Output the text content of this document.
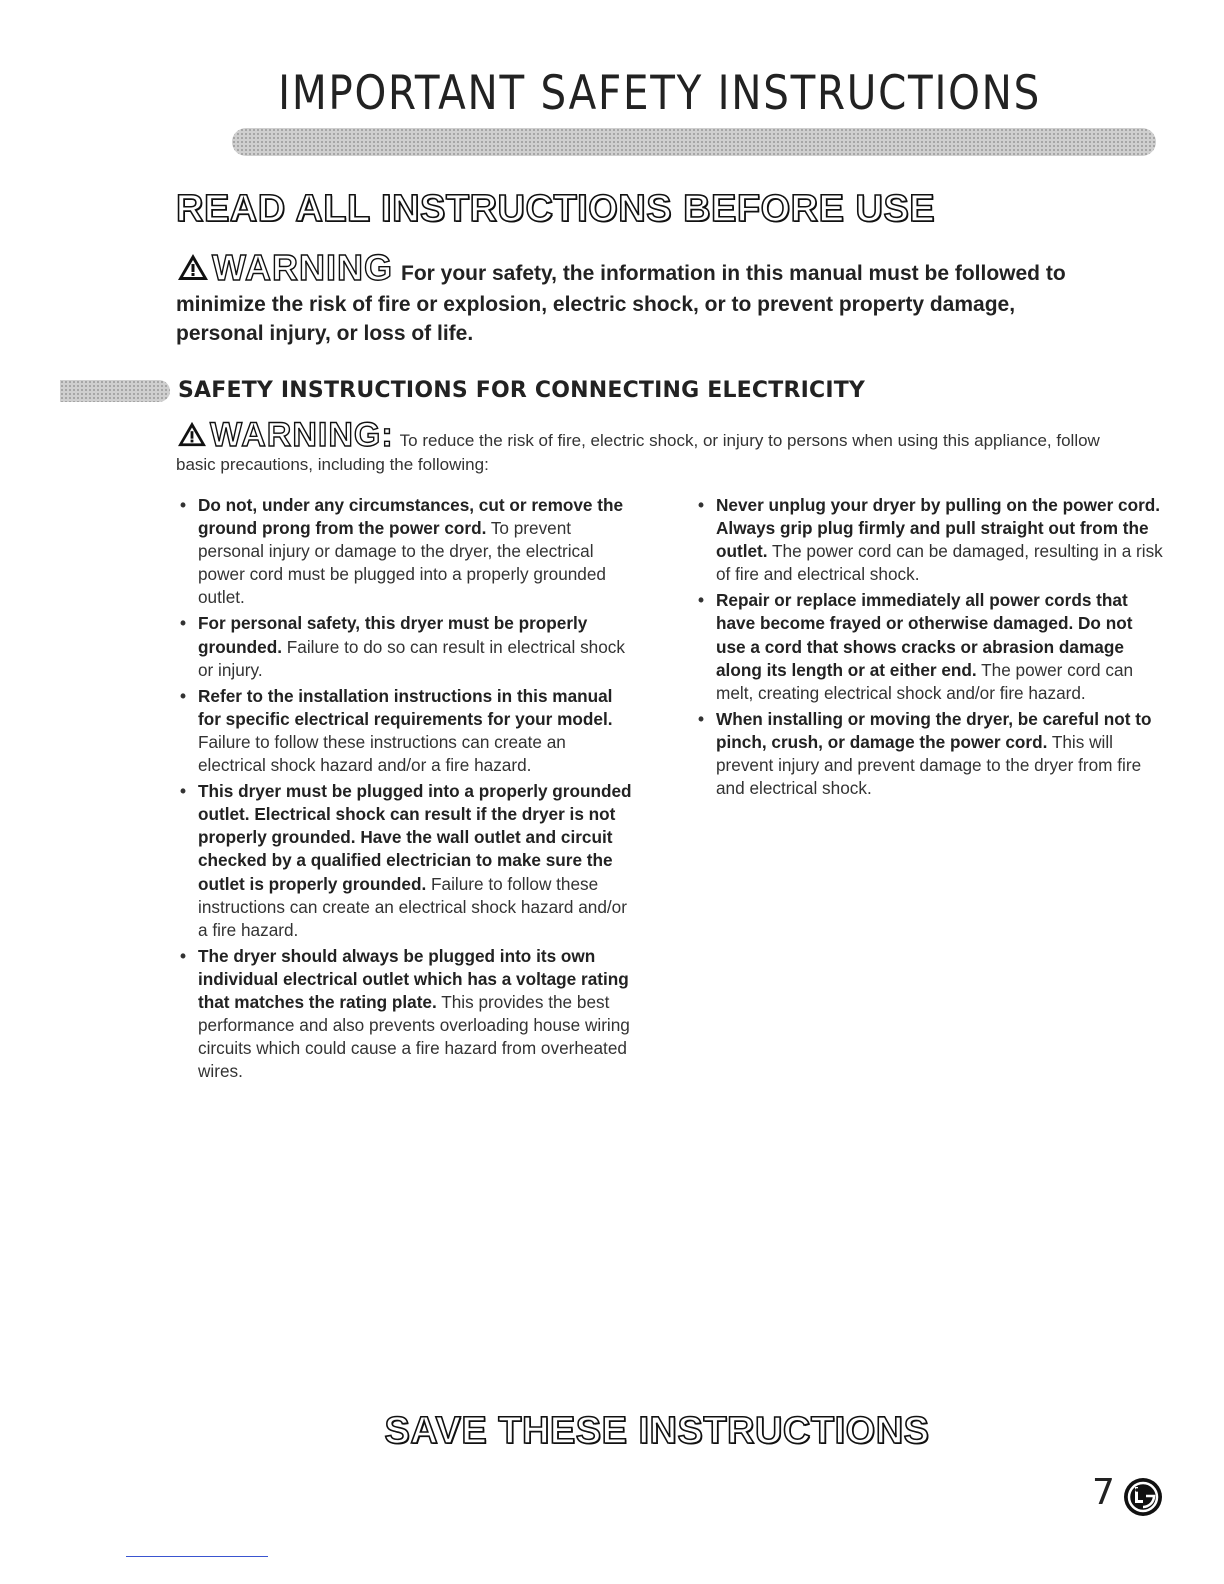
IMPORTANT SAFETY INSTRUCTIONS
READ ALL INSTRUCTIONS BEFORE USE
WARNING For your safety, the information in this manual must be followed to minimize the risk of fire or explosion, electric shock, or to prevent property damage, personal injury, or loss of life.
SAFETY INSTRUCTIONS FOR CONNECTING ELECTRICITY
WARNING: To reduce the risk of fire, electric shock, or injury to persons when using this appliance, follow basic precautions, including the following:
• Do not, under any circumstances, cut or remove the ground prong from the power cord. To prevent personal injury or damage to the dryer, the electrical power cord must be plugged into a properly grounded outlet.
• For personal safety, this dryer must be properly grounded. Failure to do so can result in electrical shock or injury.
• Refer to the installation instructions in this manual for specific electrical requirements for your model. Failure to follow these instructions can create an electrical shock hazard and/or a fire hazard.
• This dryer must be plugged into a properly grounded outlet. Electrical shock can result if the dryer is not properly grounded. Have the wall outlet and circuit checked by a qualified electrician to make sure the outlet is properly grounded. Failure to follow these instructions can create an electrical shock hazard and/or a fire hazard.
• The dryer should always be plugged into its own individual electrical outlet which has a voltage rating that matches the rating plate. This provides the best performance and also prevents overloading house wiring circuits which could cause a fire hazard from overheated wires.
• Never unplug your dryer by pulling on the power cord. Always grip plug firmly and pull straight out from the outlet. The power cord can be damaged, resulting in a risk of fire and electrical shock.
• Repair or replace immediately all power cords that have become frayed or otherwise damaged. Do not use a cord that shows cracks or abrasion damage along its length or at either end. The power cord can melt, creating electrical shock and/or fire hazard.
• When installing or moving the dryer, be careful not to pinch, crush, or damage the power cord. This will prevent injury and prevent damage to the dryer from fire and electrical shock.
SAVE THESE INSTRUCTIONS
7
